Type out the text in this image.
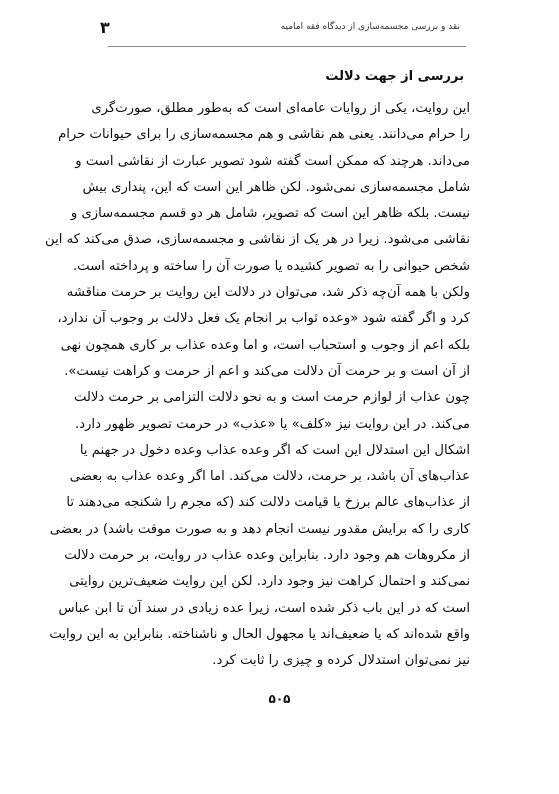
نقد و بررسی مجسمه‌سازی از دیدگاه فقه امامیه
۳
بررسی از جهت دلالت
این روایت، یکی از روایات عامه‌ای است که به‌طور مطلق، صورت‌گری
را حرام می‌دانند. یعنی هم نقاشی و هم مجسمه‌سازی را برای حیوانات حرام
می‌داند. هرچند که ممکن است گفته شود تصویر عبارت از نقاشی است و
شامل مجسمه‌سازی نمی‌شود. لکن ظاهر این است که این، پنداری بیش
نیست. بلکه ظاهر این است که تصویر، شامل هر دو قسم مجسمه‌سازی و
نقاشی می‌شود. زیرا در هر یک از نقاشی و مجسمه‌سازی، صدق می‌کند که این
شخص حیوانی را به تصویر کشیده یا صورت آن را ساخته و پرداخته است.
ولکن با همه آن‌چه ذکر شد، می‌توان در دلالت این روایت بر حرمت مناقشه
کرد و اگر گفته شود «وعده ثواب بر انجام یک فعل دلالت بر وجوب آن ندارد،
بلکه اعم از وجوب و استحباب است، و اما وعده عذاب بر کاری همچون نهی
از آن است و بر حرمت آن دلالت می‌کند و اعم از حرمت و کراهت نیست».
چون عذاب از لوازم حرمت است و به نحو دلالت التزامی بر حرمت دلالت
می‌کند. در این روایت نیز «کلف» یا «عذب» در حرمت تصویر ظهور دارد.
اشکال این استدلال این است که اگر وعده عذاب وعده دخول در جهنم یا
عذاب‌های آن باشد، بر حرمت، دلالت می‌کند. اما اگر وعده عذاب به بعضی
از عذاب‌های عالم برزخ یا قیامت دلالت کند (که مجرم را شکنجه می‌دهند تا
کاری را که برایش مقدور نیست انجام دهد و به صورت موقت باشد) در بعضی
از مکروهات هم وجود دارد. بنابراین وعده عذاب در روایت، بر حرمت دلالت
نمی‌کند و احتمال کراهت نیز وجود دارد. لکن این روایت ضعیف‌ترین روایتی
است که در این باب ذکر شده است، زیرا عده زیادی در سند آن تا ابن عباس
واقع شده‌اند که یا ضعیف‌اند یا مجهول الحال و ناشناخته. بنابراین به این روایت
نیز نمی‌توان استدلال کرده و چیزی را ثابت کرد.
۵۰۵
